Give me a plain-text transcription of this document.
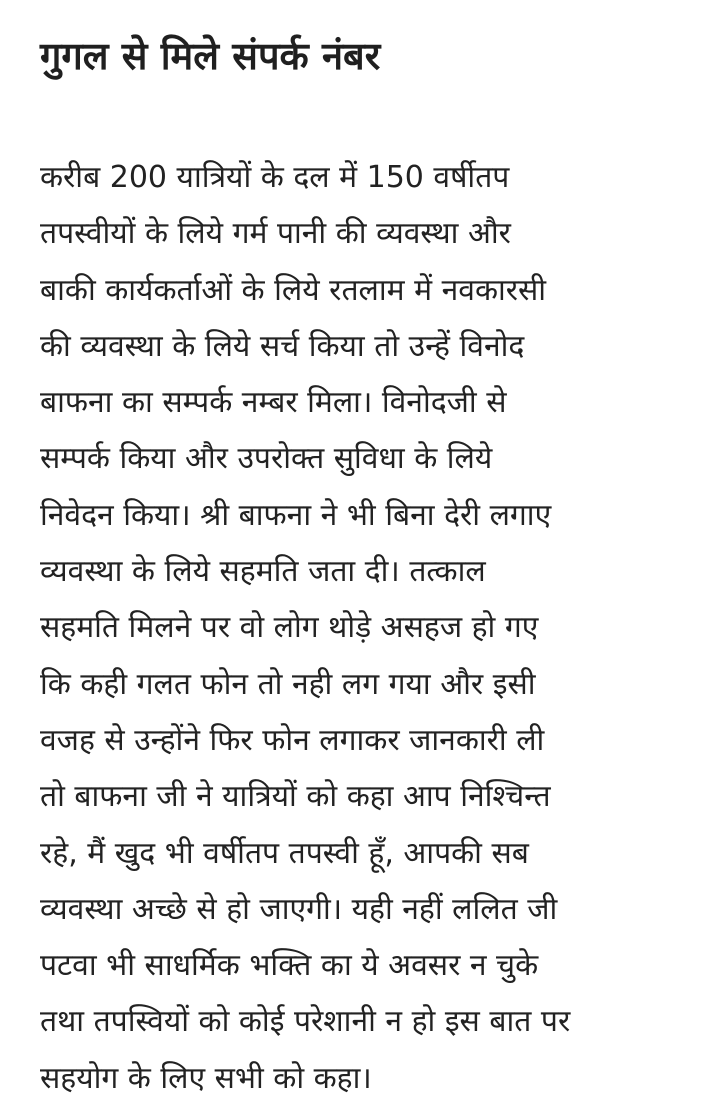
गुगल से मिले संपर्क नंबर
करीब 200 यात्रियों के दल में 150 वर्षीतप
तपस्वीयों के लिये गर्म पानी की व्यवस्था और
बाकी कार्यकर्ताओं के लिये रतलाम में नवकारसी
की व्यवस्था के लिये सर्च किया तो उन्हें विनोद
बाफना का सम्पर्क नम्बर मिला। विनोदजी से
सम्पर्क किया और उपरोक्त सुविधा के लिये
निवेदन किया। श्री बाफना ने भी बिना देरी लगाए
व्यवस्था के लिये सहमति जता दी। तत्काल
सहमति मिलने पर वो लोग थोड़े असहज हो गए
कि कही गलत फोन तो नही लग गया और इसी
वजह से उन्होंने फिर फोन लगाकर जानकारी ली
तो बाफना जी ने यात्रियों को कहा आप निश्चिन्त
रहे, मैं खुद भी वर्षीतप तपस्वी हूँ, आपकी सब
व्यवस्था अच्छे से हो जाएगी। यही नहीं ललित जी
पटवा भी साधर्मिक भक्ति का ये अवसर न चुके
तथा तपस्वियों को कोई परेशानी न हो इस बात पर
सहयोग के लिए सभी को कहा।
